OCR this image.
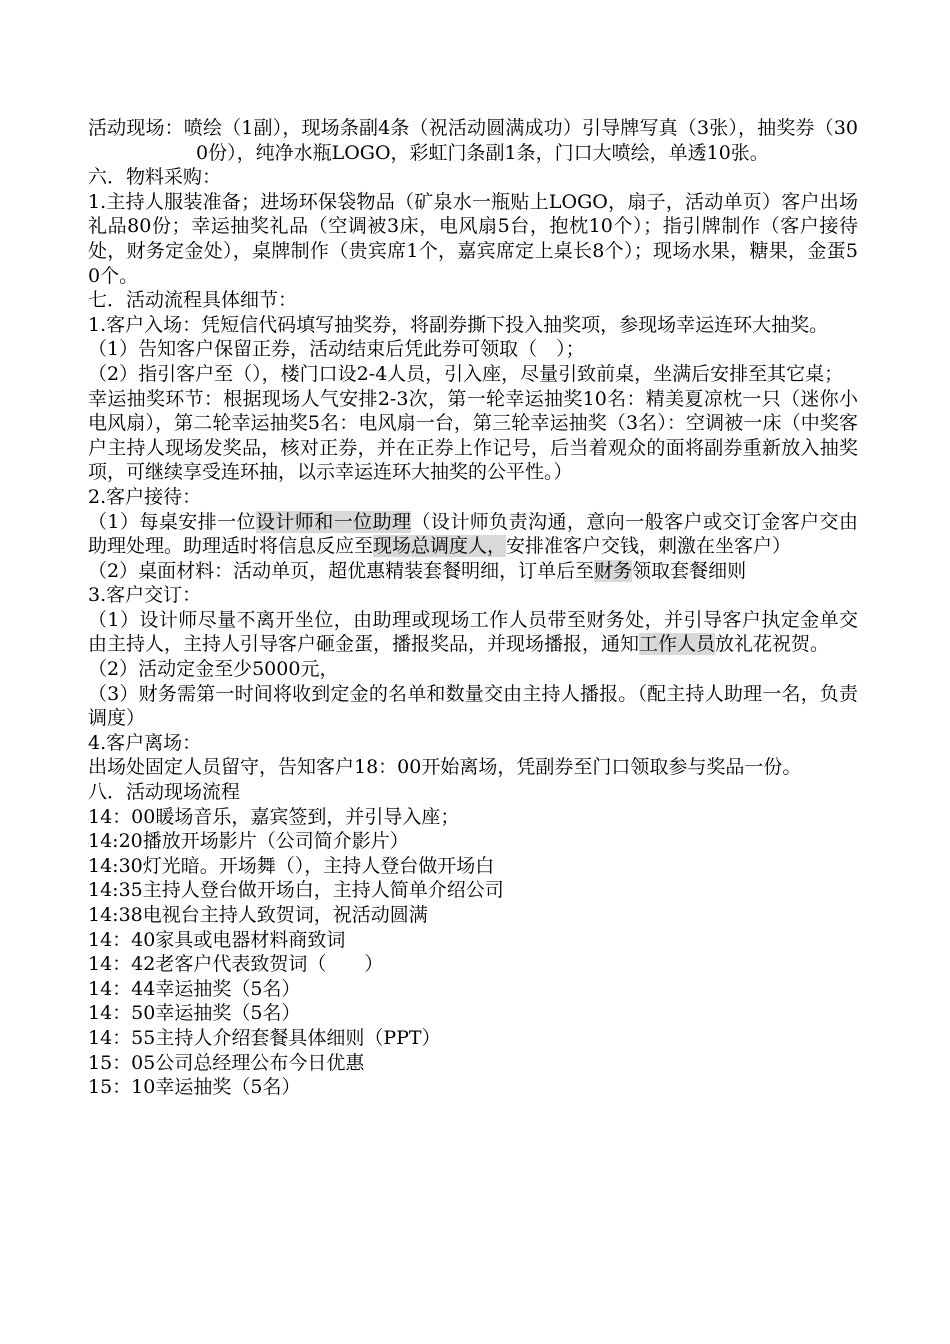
活动现场：喷绘（1副），现场条副4条（祝活动圆满成功）引导牌写真（3张），抽奖券（300份），纯净水瓶LOGO，彩虹门条副1条，门口大喷绘，单透10张。

六．物料采购：

1.主持人服装准备；进场环保袋物品（矿泉水一瓶贴上LOGO，扇子，活动单页）客户出场礼品80份；幸运抽奖礼品（空调被3床，电风扇5台，抱枕10个）；指引牌制作（客户接待处，财务定金处），桌牌制作（贵宾席1个，嘉宾席定上桌长8个）；现场水果，糖果，金蛋50个。

七．活动流程具体细节：

1.客户入场：凭短信代码填写抽奖券，将副券撕下投入抽奖项，参现场幸运连环大抽奖。

（1）告知客户保留正券，活动结束后凭此券可领取（　）；

（2）指引客户至（），楼门口设2-4人员，引入座，尽量引致前桌，坐满后安排至其它桌；

幸运抽奖环节：根据现场人气安排2-3次，第一轮幸运抽奖10名：精美夏凉枕一只（迷你小电风扇），第二轮幸运抽奖5名：电风扇一台，第三轮幸运抽奖（3名）：空调被一床（中奖客户主持人现场发奖品，核对正券，并在正券上作记号，后当着观众的面将副券重新放入抽奖项，可继续享受连环抽，以示幸运连环大抽奖的公平性。）

2.客户接待：

（1）每桌安排一位设计师和一位助理（设计师负责沟通，意向一般客户或交订金客户交由助理处理。助理适时将信息反应至现场总调度人，安排准客户交钱，刺激在坐客户）

（2）桌面材料：活动单页，超优惠精装套餐明细，订单后至财务领取套餐细则

3.客户交订：

（1）设计师尽量不离开坐位，由助理或现场工作人员带至财务处，并引导客户执定金单交由主持人，主持人引导客户砸金蛋，播报奖品，并现场播报，通知工作人员放礼花祝贺。

（2）活动定金至少5000元，

（3）财务需第一时间将收到定金的名单和数量交由主持人播报。（配主持人助理一名，负责调度）

4.客户离场：

出场处固定人员留守，告知客户18：00开始离场，凭副券至门口领取参与奖品一份。

八．活动现场流程

14：00暖场音乐，嘉宾签到，并引导入座；

14:20播放开场影片（公司简介影片）

14:30灯光暗。开场舞（），主持人登台做开场白

14:35主持人登台做开场白，主持人简单介绍公司

14:38电视台主持人致贺词，祝活动圆满

14：40家具或电器材料商致词

14：42老客户代表致贺词（　　）

14：44幸运抽奖（5名）

14：50幸运抽奖（5名）

14：55主持人介绍套餐具体细则（PPT）

15：05公司总经理公布今日优惠

15：10幸运抽奖（5名）
